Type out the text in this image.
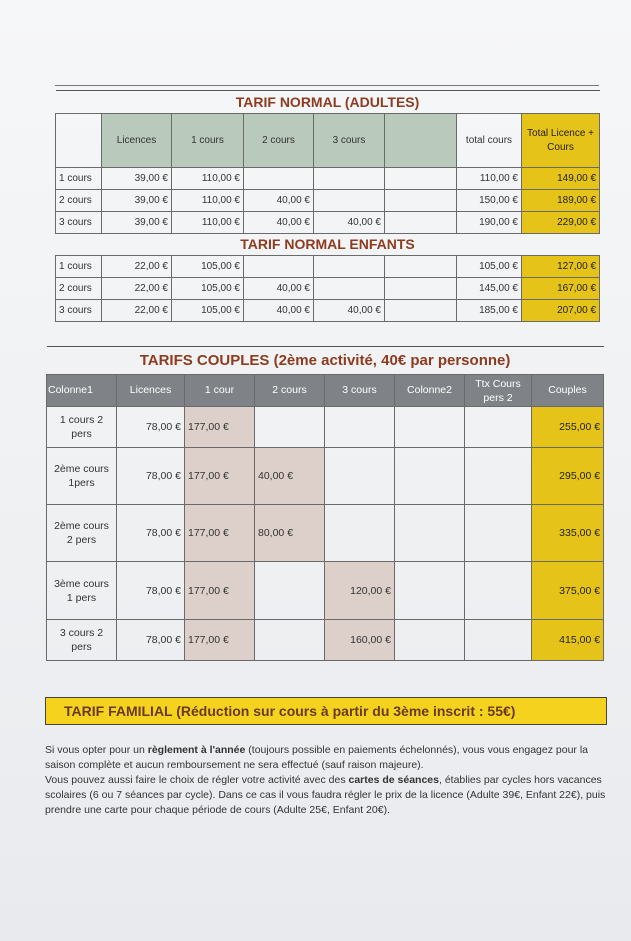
TARIF NORMAL (ADULTES)							
	Licences	1 cours	2 cours	3 cours		total cours	Total Licence + Cours
1 cours	39,00 €	110,00 €				110,00 €	149,00 €
2 cours	39,00 €	110,00 €	40,00 €			150,00 €	189,00 €
3 cours	39,00 €	110,00 €	40,00 €	40,00 €		190,00 €	229,00 €
TARIF NORMAL ENFANTS							
1 cours	22,00 €	105,00 €				105,00 €	127,00 €
2 cours	22,00 €	105,00 €	40,00 €			145,00 €	167,00 €
3 cours	22,00 €	105,00 €	40,00 €	40,00 €		185,00 €	207,00 €
TARIFS COUPLES (2ème activité, 40€ par personne)							
Colonne1	Licences	1 cour	2 cours	3 cours	Colonne2	Ttx Cours pers 2	Couples
1 cours 2 pers	78,00 €	177,00 €					255,00 €
2ème cours 1pers	78,00 €	177,00 €	40,00 €				295,00 €
2ème cours 2 pers	78,00 €	177,00 €	80,00 €				335,00 €
3ème cours 1 pers	78,00 €	177,00 €		120,00 €			375,00 €
3 cours 2 pers	78,00 €	177,00 €		160,00 €			415,00 €
TARIF FAMILIAL (Réduction sur cours à partir du 3ème inscrit : 55€)

Si vous opter pour un règlement à l'année (toujours possible en paiements échelonnés), vous vous engagez pour la saison complète et aucun remboursement ne sera effectué (sauf raison majeure).

Vous pouvez aussi faire le choix de régler votre activité avec des cartes de séances, établies par cycles hors vacances scolaires (6 ou 7 séances par cycle). Dans ce cas il vous faudra régler le prix de la licence (Adulte 39€, Enfant 22€), puis prendre une carte pour chaque période de cours (Adulte 25€, Enfant 20€).
